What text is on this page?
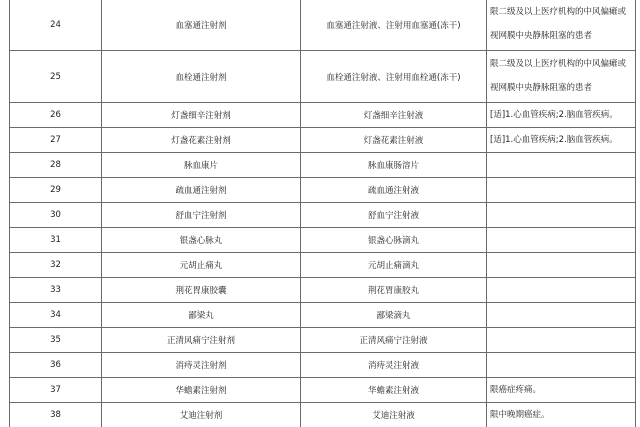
24	血塞通注射剂	血塞通注射液、注射用血塞通(冻干)	限二级及以上医疗机构的中风偏瘫或
视网膜中央静脉阻塞的患者

25	血栓通注射剂	血栓通注射液、注射用血栓通(冻干)	限二级及以上医疗机构的中风偏瘫或
视网膜中央静脉阻塞的患者

26	灯盏细辛注射剂	灯盏细辛注射液	[适]1.心血管疾病;2.脑血管疾病。

27	灯盏花素注射剂	灯盏花素注射液	[适]1.心血管疾病;2.脑血管疾病。

28	脉血康片	脉血康肠溶片	
29	疏血通注射剂	疏血通注射液	
30	舒血宁注射剂	舒血宁注射液	
31	银盏心脉丸	银盏心脉滴丸	
32	元胡止痛丸	元胡止痛滴丸	
33	荆花胃康胶囊	荆花胃康胶丸	
34	鄙梁丸	鄙梁滴丸	
35	正清风痛宁注射剂	正清风痛宁注射液	
36	消痔灵注射剂	消痔灵注射液	
37	华蟾素注射剂	华蟾素注射液	限癌症疼痛。

38	艾迪注射剂	艾迪注射液	限中晚期癌症。
